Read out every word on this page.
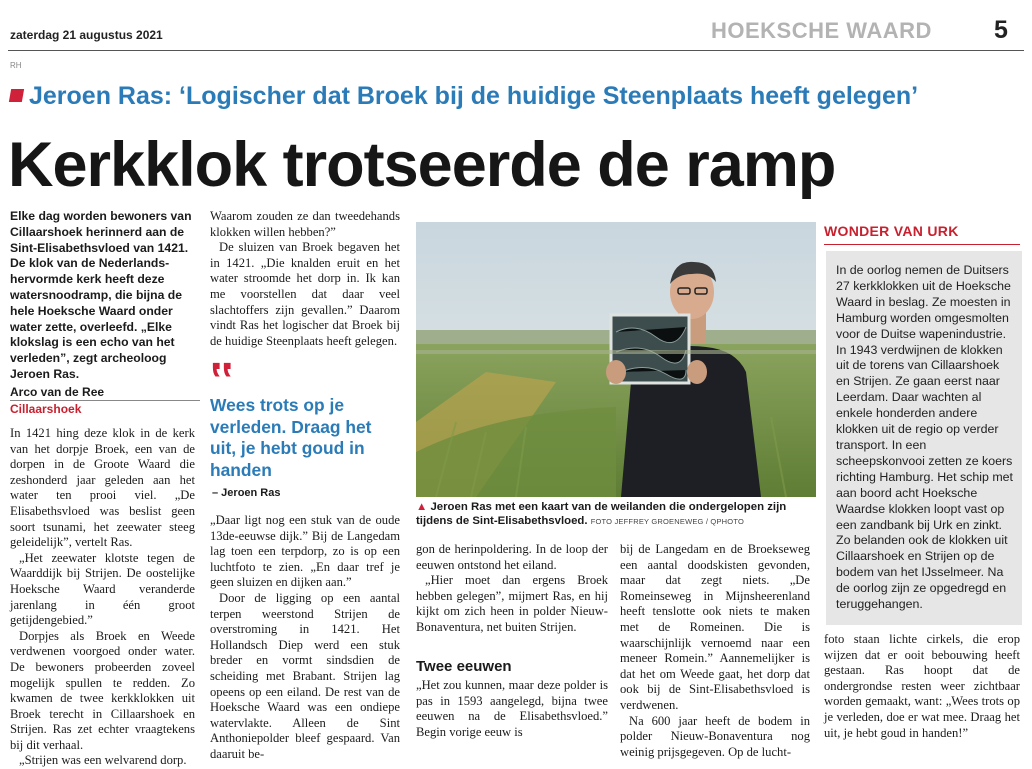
zaterdag 21 augustus 2021	HOEKSCHE WAARD 5
RH
Jeroen Ras: ‘Logischer dat Broek bij de huidige Steenplaats heeft gelegen’
Kerkklok trotseerde de ramp
Elke dag worden bewoners van Cillaarshoek herinnerd aan de Sint-Elisabethsvloed van 1421. De klok van de Nederlands-hervormde kerk heeft deze watersnoodramp, die bijna de hele Hoeksche Waard onder water zette, overleefd. „Elke klokslag is een echo van het verleden”, zegt archeoloog Jeroen Ras.
Arco van de Ree
Cillaarshoek

In 1421 hing deze klok in de kerk van het dorpje Broek, een van de dorpen in de Groote Waard die zeshonderd jaar geleden aan het water ten prooi viel. „De Elisabethsvloed was beslist geen soort tsunami, het zeewater steeg geleidelijk”, vertelt Ras.

„Het zeewater klotste tegen de Waarddijk bij Strijen. De oostelijke Hoeksche Waard veranderde jarenlang in één groot getijdengebied.”

Dorpjes als Broek en Weede verdwenen voorgoed onder water. De bewoners probeerden zoveel mogelijk spullen te redden. Zo kwamen de twee kerkklokken uit Broek terecht in Cillaarshoek en Strijen. Ras zet echter vraagtekens bij dit verhaal.

„Strijen was een welvarend dorp.

Waarom zouden ze dan tweedehands klokken willen hebben?”

De sluizen van Broek begaven het in 1421. „Die knalden eruit en het water stroomde het dorp in. Ik kan me voorstellen dat daar veel slachtoffers zijn gevallen.” Daarom vindt Ras het logischer dat Broek bij de huidige Steenplaats heeft gelegen.

‟
Wees trots op je verleden. Draag het uit, je hebt goud in handen
– Jeroen Ras

„Daar ligt nog een stuk van de oude 13de-eeuwse dijk.” Bij de Langedam lag toen een terpdorp, zo is op een luchtfoto te zien. „En daar tref je geen sluizen en dijken aan.”

Door de ligging op een aantal terpen weerstond Strijen de overstroming in 1421. Het Hollandsch Diep werd een stuk breder en vormt sindsdien de scheiding met Brabant. Strijen lag opeens op een eiland. De rest van de Hoeksche Waard was een ondiepe watervlakte. Alleen de Sint Anthoniepolder bleef gespaard. Van daaruit be-

▲ Jeroen Ras met een kaart van de weilanden die ondergelopen zijn tijdens de Sint-Elisabethsvloed. FOTO JEFFREY GROENEWEG / QPHOTO

gon de herinpoldering. In de loop der eeuwen ontstond het eiland.

„Hier moet dan ergens Broek hebben gelegen”, mijmert Ras, en hij kijkt om zich heen in polder Nieuw-Bonaventura, net buiten Strijen.

Twee eeuwen

„Het zou kunnen, maar deze polder is pas in 1593 aangelegd, bijna twee eeuwen na de Elisabethsvloed.” Begin vorige eeuw is

bij de Langedam en de Broekseweg een aantal doodskisten gevonden, maar dat zegt niets. „De Romeinseweg in Mijnsheerenland heeft tenslotte ook niets te maken met de Romeinen. Die is waarschijnlijk vernoemd naar een meneer Romein.” Aannemelijker is dat het om Weede gaat, het dorp dat ook bij de Sint-Elisabethsvloed is verdwenen.

Na 600 jaar heeft de bodem in polder Nieuw-Bonaventura nog weinig prijsgegeven. Op de lucht-

WONDER VAN URK
In de oorlog nemen de Duitsers 27 kerkklokken uit de Hoeksche Waard in beslag. Ze moesten in Hamburg worden omgesmolten voor de Duitse wapenindustrie. In 1943 verdwijnen de klokken uit de torens van Cillaarshoek en Strijen. Ze gaan eerst naar Leerdam. Daar wachten al enkele honderden andere klokken uit de regio op verder transport. In een scheepskonvooi zetten ze koers richting Hamburg. Het schip met aan boord acht Hoeksche Waardse klokken loopt vast op een zandbank bij Urk en zinkt. Zo belanden ook de klokken uit Cillaarshoek en Strijen op de bodem van het IJsselmeer. Na de oorlog zijn ze opgedregd en teruggehangen.

foto staan lichte cirkels, die erop wijzen dat er ooit bebouwing heeft gestaan. Ras hoopt dat de ondergrondse resten weer zichtbaar worden gemaakt, want: „Wees trots op je verleden, doe er wat mee. Draag het uit, je hebt goud in handen!”
